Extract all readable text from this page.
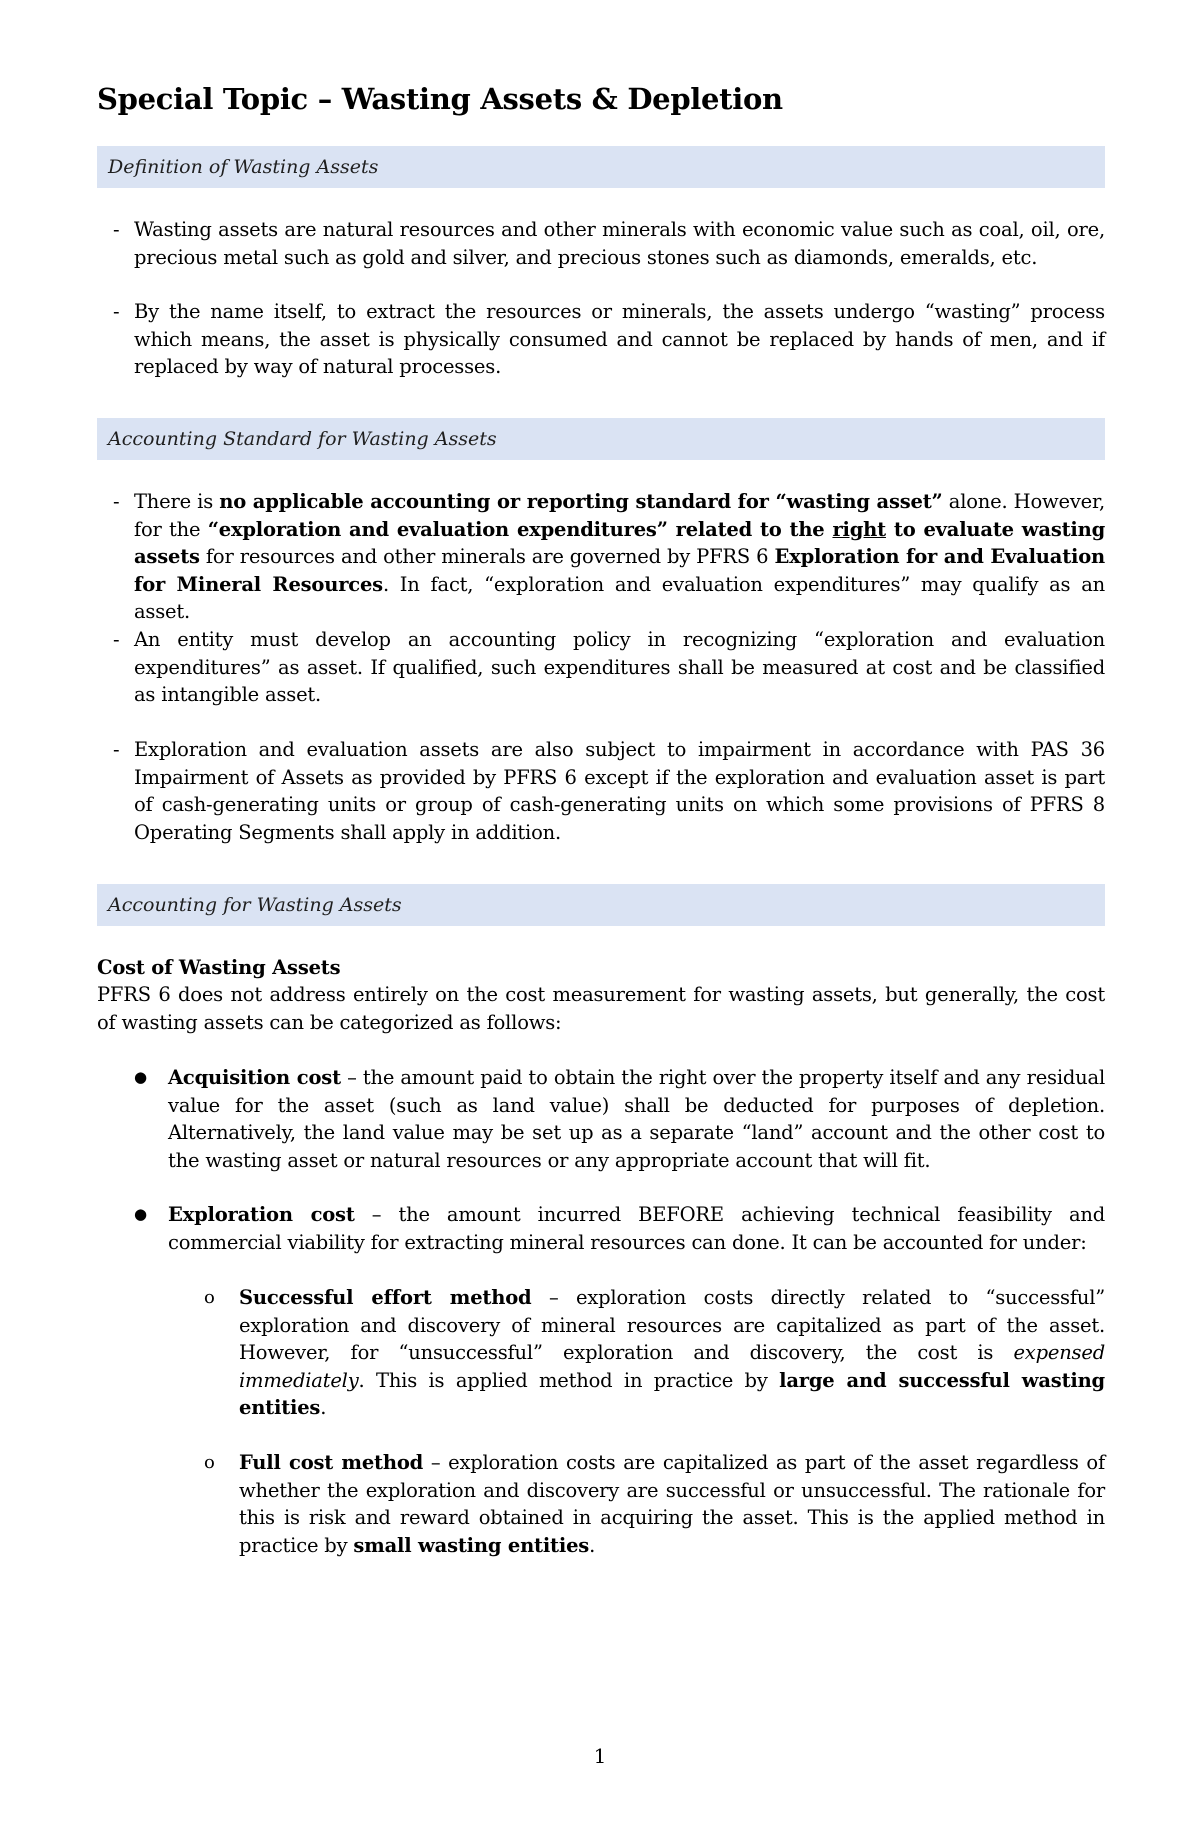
Special Topic – Wasting Assets & Depletion
Definition of Wasting Assets
- Wasting assets are natural resources and other minerals with economic value such as coal, oil, ore, precious metal such as gold and silver, and precious stones such as diamonds, emeralds, etc.
- By the name itself, to extract the resources or minerals, the assets undergo “wasting” process which means, the asset is physically consumed and cannot be replaced by hands of men, and if replaced by way of natural processes.
Accounting Standard for Wasting Assets
- There is no applicable accounting or reporting standard for “wasting asset” alone. However, for the “exploration and evaluation expenditures” related to the right to evaluate wasting assets for resources and other minerals are governed by PFRS 6 Exploration for and Evaluation for Mineral Resources. In fact, “exploration and evaluation expenditures” may qualify as an asset.
- An entity must develop an accounting policy in recognizing “exploration and evaluation expenditures” as asset. If qualified, such expenditures shall be measured at cost and be classified as intangible asset.
- Exploration and evaluation assets are also subject to impairment in accordance with PAS 36 Impairment of Assets as provided by PFRS 6 except if the exploration and evaluation asset is part of cash-generating units or group of cash-generating units on which some provisions of PFRS 8 Operating Segments shall apply in addition.
Accounting for Wasting Assets
Cost of Wasting Assets
PFRS 6 does not address entirely on the cost measurement for wasting assets, but generally, the cost of wasting assets can be categorized as follows:
● Acquisition cost – the amount paid to obtain the right over the property itself and any residual value for the asset (such as land value) shall be deducted for purposes of depletion. Alternatively, the land value may be set up as a separate “land” account and the other cost to the wasting asset or natural resources or any appropriate account that will fit.
● Exploration cost – the amount incurred BEFORE achieving technical feasibility and commercial viability for extracting mineral resources can done. It can be accounted for under:
o Successful effort method – exploration costs directly related to “successful” exploration and discovery of mineral resources are capitalized as part of the asset. However, for “unsuccessful” exploration and discovery, the cost is expensed immediately. This is applied method in practice by large and successful wasting entities.
o Full cost method – exploration costs are capitalized as part of the asset regardless of whether the exploration and discovery are successful or unsuccessful. The rationale for this is risk and reward obtained in acquiring the asset. This is the applied method in practice by small wasting entities.
1
